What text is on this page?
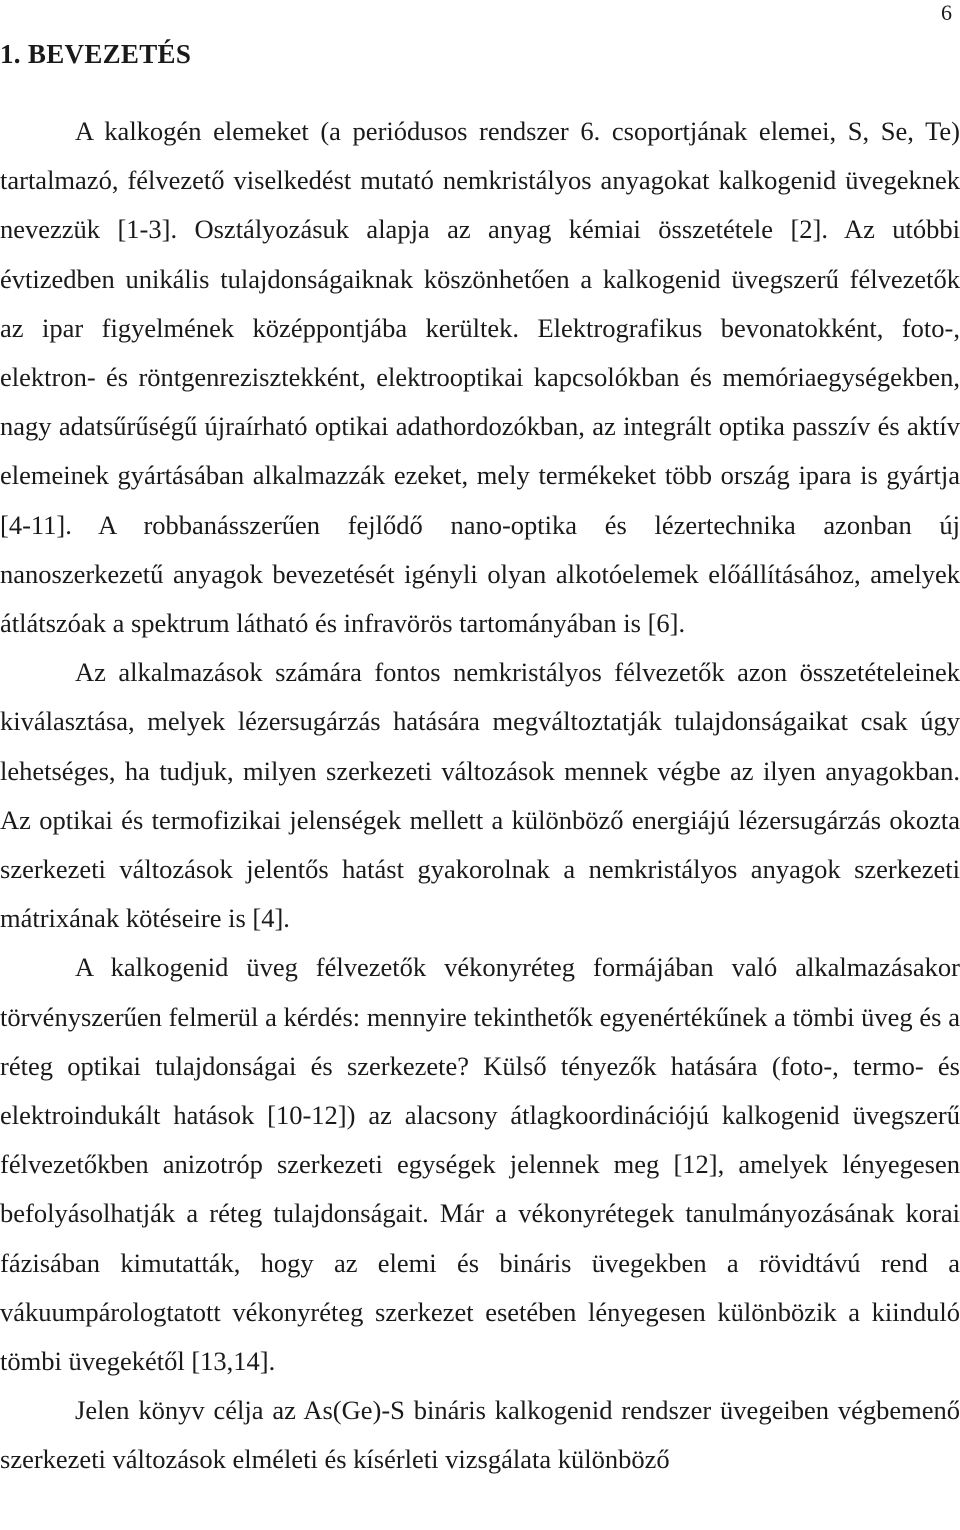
6
1. BEVEZETÉS

A kalkogén elemeket (a periódusos rendszer 6. csoportjának elemei, S, Se, Te) tartalmazó, félvezető viselkedést mutató nemkristályos anyagokat kalkogenid üvegeknek nevezzük [1-3]. Osztályozásuk alapja az anyag kémiai összetétele [2]. Az utóbbi évtizedben unikális tulajdonságaiknak köszönhetően a kalkogenid üvegszerű félvezetők az ipar figyelmének középpontjába kerültek. Elektrografikus bevonatokként, foto-, elektron- és röntgenrezisztekként, elektrooptikai kapcsolókban és memóriaegységekben, nagy adatsűrűségű újraírható optikai adathordozókban, az integrált optika passzív és aktív elemeinek gyártásában alkalmazzák ezeket, mely termékeket több ország ipara is gyártja [4-11]. A robbanásszerűen fejlődő nano-optika és lézertechnika azonban új nanoszerkezetű anyagok bevezetését igényli olyan alkotóelemek előállításához, amelyek átlátszóak a spektrum látható és infravörös tartományában is [6].

Az alkalmazások számára fontos nemkristályos félvezetők azon összetételeinek kiválasztása, melyek lézersugárzás hatására megváltoztatják tulajdonságaikat csak úgy lehetséges, ha tudjuk, milyen szerkezeti változások mennek végbe az ilyen anyagokban. Az optikai és termofizikai jelenségek mellett a különböző energiájú lézersugárzás okozta szerkezeti változások jelentős hatást gyakorolnak a nemkristályos anyagok szerkezeti mátrixának kötéseire is [4].

A kalkogenid üveg félvezetők vékonyréteg formájában való alkalmazásakor törvényszerűen felmerül a kérdés: mennyire tekinthetők egyenértékűnek a tömbi üveg és a réteg optikai tulajdonságai és szerkezete? Külső tényezők hatására (foto-, termo- és elektroindukált hatások [10-12]) az alacsony átlagkoordinációjú kalkogenid üvegszerű félvezetőkben anizotróp szerkezeti egységek jelennek meg [12], amelyek lényegesen befolyásolhatják a réteg tulajdonságait. Már a vékonyrétegek tanulmányozásának korai fázisában kimutatták, hogy az elemi és bináris üvegekben a rövidtávú rend a vákuumpárologtatott vékonyréteg szerkezet esetében lényegesen különbözik a kiinduló tömbi üvegekétől [13,14].

Jelen könyv célja az As(Ge)-S bináris kalkogenid rendszer üvegeiben végbemenő szerkezeti változások elméleti és kísérleti vizsgálata különböző
